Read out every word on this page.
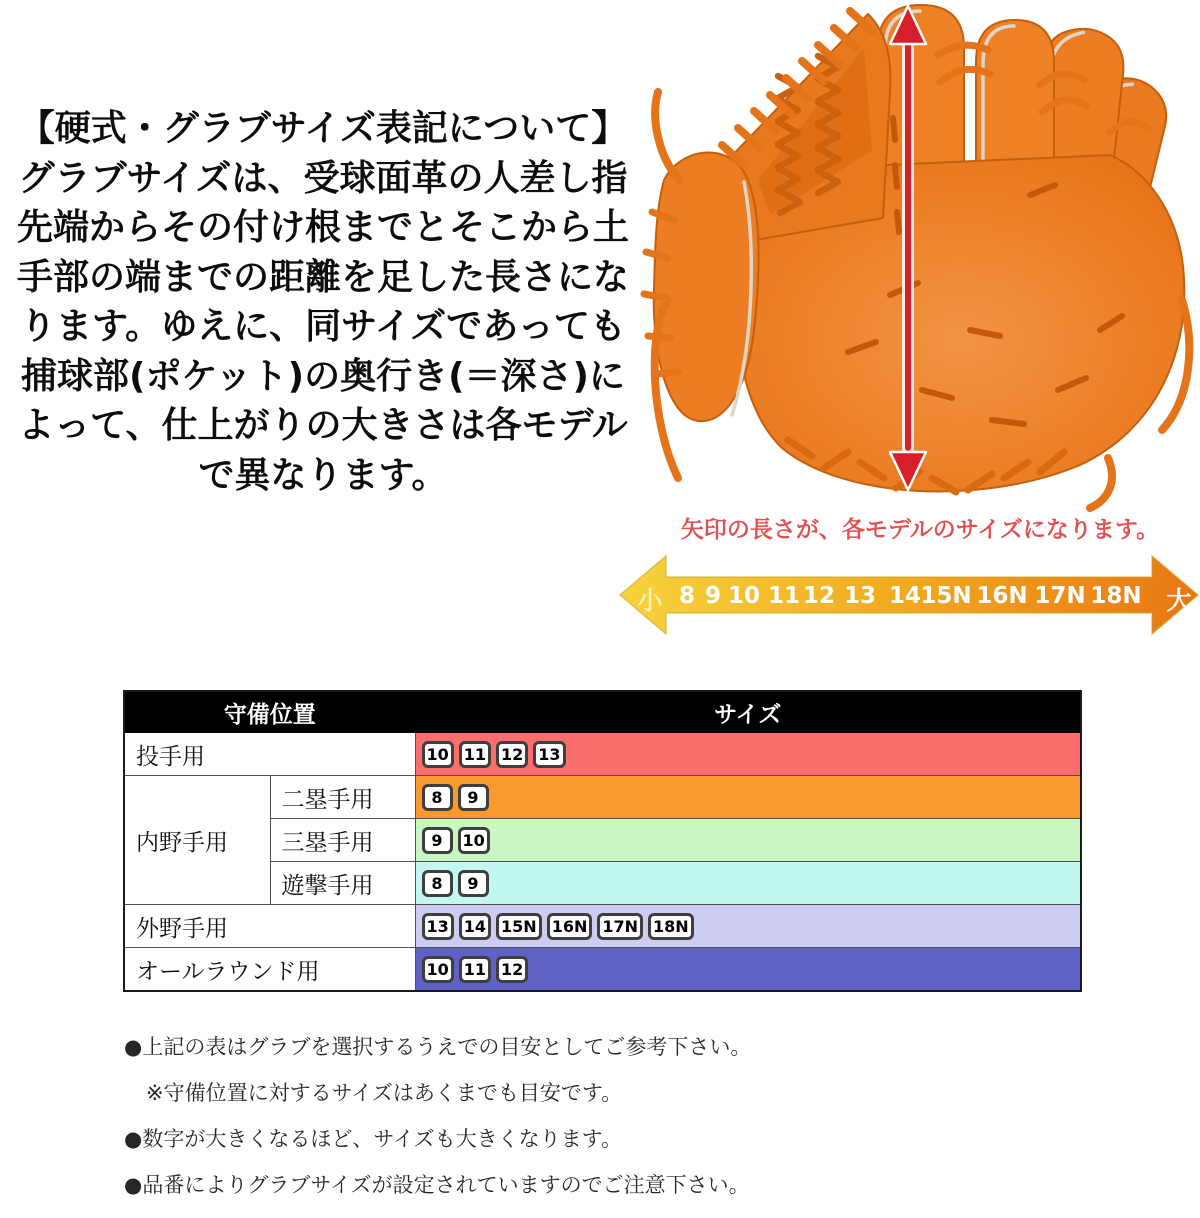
【硬式・グラブサイズ表記について】
グラブサイズは、受球面革の人差し指
先端からその付け根までとそこから土
手部の端までの距離を足した長さにな
ります。ゆえに、同サイズであっても
捕球部(ポケット)の奥行き(＝深さ)に
よって、仕上がりの大きさは各モデル
で異なります。
矢印の長さが、各モデルのサイズになります。
小 8 9 10 11 12 13 14 15N 16N 17N 18N 大
守備位置		サイズ
投手用		10 11 12 13
内野手用	二塁手用	8 9
	三塁手用	9 10
	遊撃手用	8 9
外野手用		13 14 15N 16N 17N 18N
オールラウンド用		10 11 12
●上記の表はグラブを選択するうえでの目安としてご参考下さい。
※守備位置に対するサイズはあくまでも目安です。
●数字が大きくなるほど、サイズも大きくなります。
●品番によりグラブサイズが設定されていますのでご注意下さい。
